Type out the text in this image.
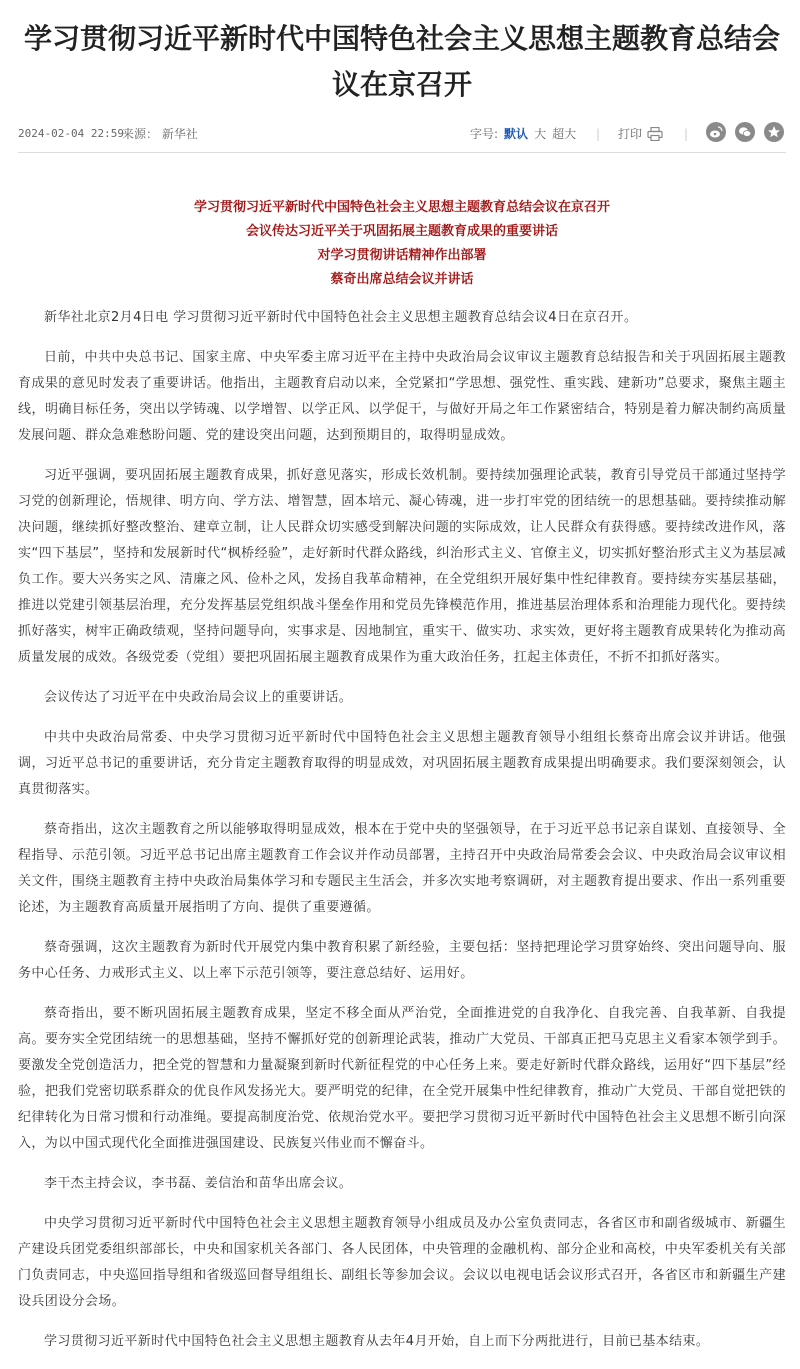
学习贯彻习近平新时代中国特色社会主义思想主题教育总结会议在京召开
2024-02-04 22:59
来源： 新华社	字号: 默认 大 超大	| 打印	|
学习贯彻习近平新时代中国特色社会主义思想主题教育总结会议在京召开
会议传达习近平关于巩固拓展主题教育成果的重要讲话
对学习贯彻讲话精神作出部署
蔡奇出席总结会议并讲话

新华社北京2月4日电 学习贯彻习近平新时代中国特色社会主义思想主题教育总结会议4日在京召开。

日前，中共中央总书记、国家主席、中央军委主席习近平在主持中央政治局会议审议主题教育总结报告和关于巩固拓展主题教育成果的意见时发表了重要讲话。他指出，主题教育启动以来，全党紧扣“学思想、强党性、重实践、建新功”总要求，聚焦主题主线，明确目标任务，突出以学铸魂、以学增智、以学正风、以学促干，与做好开局之年工作紧密结合，特别是着力解决制约高质量发展问题、群众急难愁盼问题、党的建设突出问题，达到预期目的，取得明显成效。

习近平强调，要巩固拓展主题教育成果，抓好意见落实，形成长效机制。要持续加强理论武装，教育引导党员干部通过坚持学习党的创新理论，悟规律、明方向、学方法、增智慧，固本培元、凝心铸魂，进一步打牢党的团结统一的思想基础。要持续推动解决问题，继续抓好整改整治、建章立制，让人民群众切实感受到解决问题的实际成效，让人民群众有获得感。要持续改进作风，落实“四下基层”，坚持和发展新时代“枫桥经验”，走好新时代群众路线，纠治形式主义、官僚主义，切实抓好整治形式主义为基层减负工作。要大兴务实之风、清廉之风、俭朴之风，发扬自我革命精神，在全党组织开展好集中性纪律教育。要持续夯实基层基础，推进以党建引领基层治理，充分发挥基层党组织战斗堡垒作用和党员先锋模范作用，推进基层治理体系和治理能力现代化。要持续抓好落实，树牢正确政绩观，坚持问题导向，实事求是、因地制宜，重实干、做实功、求实效，更好将主题教育成果转化为推动高质量发展的成效。各级党委（党组）要把巩固拓展主题教育成果作为重大政治任务，扛起主体责任，不折不扣抓好落实。

会议传达了习近平在中央政治局会议上的重要讲话。

中共中央政治局常委、中央学习贯彻习近平新时代中国特色社会主义思想主题教育领导小组组长蔡奇出席会议并讲话。他强调，习近平总书记的重要讲话，充分肯定主题教育取得的明显成效，对巩固拓展主题教育成果提出明确要求。我们要深刻领会，认真贯彻落实。

蔡奇指出，这次主题教育之所以能够取得明显成效，根本在于党中央的坚强领导，在于习近平总书记亲自谋划、直接领导、全程指导、示范引领。习近平总书记出席主题教育工作会议并作动员部署，主持召开中央政治局常委会会议、中央政治局会议审议相关文件，围绕主题教育主持中央政治局集体学习和专题民主生活会，并多次实地考察调研，对主题教育提出要求、作出一系列重要论述，为主题教育高质量开展指明了方向、提供了重要遵循。

蔡奇强调，这次主题教育为新时代开展党内集中教育积累了新经验，主要包括：坚持把理论学习贯穿始终、突出问题导向、服务中心任务、力戒形式主义、以上率下示范引领等，要注意总结好、运用好。

蔡奇指出，要不断巩固拓展主题教育成果，坚定不移全面从严治党，全面推进党的自我净化、自我完善、自我革新、自我提高。要夯实全党团结统一的思想基础，坚持不懈抓好党的创新理论武装，推动广大党员、干部真正把马克思主义看家本领学到手。要激发全党创造活力，把全党的智慧和力量凝聚到新时代新征程党的中心任务上来。要走好新时代群众路线，运用好“四下基层”经验，把我们党密切联系群众的优良作风发扬光大。要严明党的纪律，在全党开展集中性纪律教育，推动广大党员、干部自觉把铁的纪律转化为日常习惯和行动准绳。要提高制度治党、依规治党水平。要把学习贯彻习近平新时代中国特色社会主义思想不断引向深入，为以中国式现代化全面推进强国建设、民族复兴伟业而不懈奋斗。

李干杰主持会议，李书磊、姜信治和苗华出席会议。

中央学习贯彻习近平新时代中国特色社会主义思想主题教育领导小组成员及办公室负责同志，各省区市和副省级城市、新疆生产建设兵团党委组织部部长，中央和国家机关各部门、各人民团体，中央管理的金融机构、部分企业和高校，中央军委机关有关部门负责同志，中央巡回指导组和省级巡回督导组组长、副组长等参加会议。会议以电视电话会议形式召开，各省区市和新疆生产建设兵团设分会场。

学习贯彻习近平新时代中国特色社会主义思想主题教育从去年4月开始，自上而下分两批进行，目前已基本结束。
